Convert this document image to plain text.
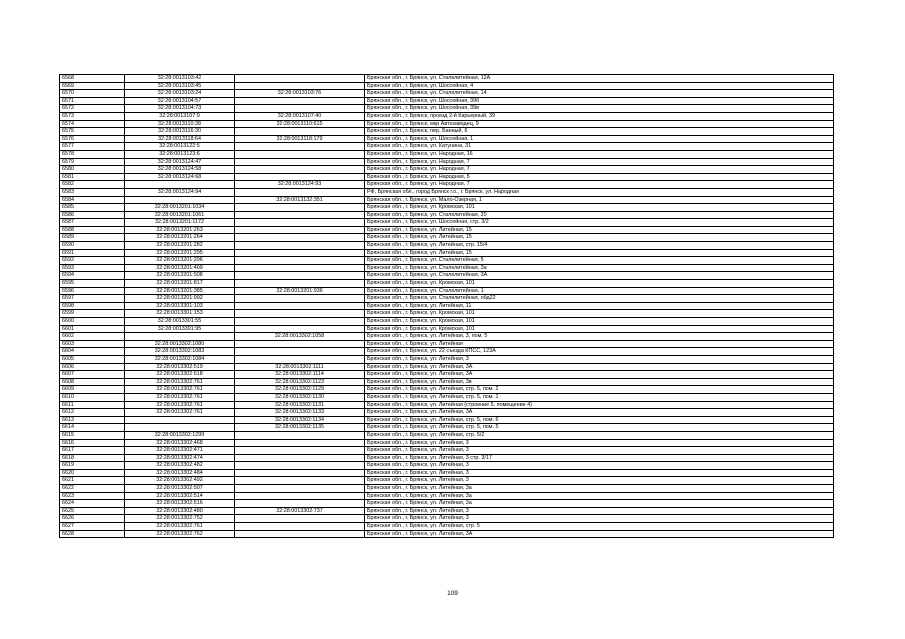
6568	32:28:0013103:42		Брянская обл., г. Брянск, ул. Сталелитейная, 12А
6569	32:28:0013103:45		Брянская обл., г. Брянск, ул. Шоссейная, 4
6570	32:28:0013103:24	32:28:0013103:76	Брянская обл., г. Брянск, ул. Сталелитейная, 14
6571	32:28:0013104:57		Брянская обл., г. Брянск, ул. Шоссейная, 39б
6572	32:28:0013104:73		Брянская обл., г. Брянск, ул. Шоссейная, 39в
6573	32:28:0013107:9	32:28:0013107:40	Брянская обл., г. Брянск, проезд 2-й Карьерный, 39
6574	32:28:0013110:38	32:28:0013110:615	Брянская обл., г. Брянск, мкр Автозаводец, 9
6575	32:28:0013116:30		Брянская обл., г. Брянск, пер. Банный, 6
6576	32:28:0013118:64	32:28:0013118:179	Брянская обл., г. Брянск, ул. Шоссейная, 1
6577	32:28:0013122:5		Брянская обл., г. Брянск, ул. Катунина, 31
6578	32:28:0013123:6		Брянская обл., г. Брянск, ул. Народная, 16
6579	32:28:0013124:47		Брянская обл., г. Брянск, ул. Народная, 7
6580	32:28:0013124:58		Брянская обл., г. Брянск, ул. Народная, 7
6581	32:28:0013124:68		Брянская обл., г. Брянск, ул. Народная, 5
6582		32:28:0013124:93	Брянская обл., г. Брянск, ул. Народная, 7
6583	32:28:0013124:94		РФ, Брянская обл., город Брянск г.о., г. Брянск, ул. Народная
6584		32:28:0013132:351	Брянская обл., г. Брянск, ул. Мало-Озерная, 1
6585	32:28:0013201:1034		Брянская обл., г. Брянск, ул. Кромская, 101
6586	32:28:0013201:1061		Брянская обл., г. Брянск, ул. Сталелитейная, 20
6587	32:28:0013201:1172		Брянская обл., г. Брянск, ул. Шоссейная, стр. 3/2
6588	32:28:0013201:263		Брянская обл., г. Брянск, ул. Литейная, 15
6589	32:28:0013201:264		Брянская обл., г. Брянск, ул. Литейная, 15
6590	32:28:0013201:282		Брянская обл., г. Брянск, ул. Литейная, стр. 15/4
6591	32:28:0013201:295		Брянская обл., г. Брянск, ул. Литейная, 15
6592	32:28:0013201:296		Брянская обл., г. Брянск, ул. Сталелитейная, 5
6593	32:28:0013201:409		Брянская обл., г. Брянск, ул. Сталелитейная, 3а
6594	32:28:0013201:508		Брянская обл., г. Брянск, ул. Сталелитейная, 3А
6595	32:28:0013201:817		Брянская обл., г. Брянск, ул. Кромская, 101
6596	32:28:0013201:385	32:28:0013201:936	Брянская обл., г. Брянск, ул. Сталелитейная, 1
6597	32:28:0013201:992		Брянская обл., г. Брянск, ул. Сталелитейная, обд22
6598	32:28:0013301:103		Брянская обл., г. Брянск, ул. Литейная, 11
6599	32:28:0013301:153		Брянская обл., г. Брянск, ул. Кромская, 101
6600	32:28:0013301:55		Брянская обл., г. Брянск, ул. Кромская, 101
6601	32:28:0013301:95		Брянская обл., г. Брянск, ул. Кромская, 101
6602		32:28:0013302:1058	Брянская обл., г. Брянск, ул. Литейная, 3, пом. 5
6603	32:28:0013302:1080		Брянская обл., г. Брянск, ул. Литейная
6604	32:28:0013302:1083		Брянская обл., г. Брянск, ул. 22 съезда КПСС, 123А
6605	32:28:0013302:1084		Брянская обл., г. Брянск, ул. Литейная, 3
6606	32:28:0013302:519	32:28:0013302:1111	Брянская обл., г. Брянск, ул. Литейная, 3А
6607	32:28:0013302:518	32:28:0013302:1114	Брянская обл., г. Брянск, ул. Литейная, 3А
6608	32:28:0013302:761	32:28:0013302:1123	Брянская обл., г. Брянск, ул. Литейная, 3в
6609	32:28:0013302:761	32:28:0013302:1129	Брянская обл., г. Брянск, ул. Литейная, стр. 5, пом. 2
6610	32:28:0013302:761	32:28:0013302:1130	Брянская обл., г. Брянск, ул. Литейная, стр. 5, пом. 1
6611	32:28:0013302:761	32:28:0013302:1131	Брянская обл., г. Брянск, ул. Литейная (строение 5, помещение 4)
6612	32:28:0013302:761	32:28:0013302:1133	Брянская обл., г. Брянск, ул. Литейная, 3А
6613		32:28:0013302:1134	Брянская обл., г. Брянск, ул. Литейная, стр. 5, пом. 6
6614		32:28:0013302:1135	Брянская обл., г. Брянск, ул. Литейная, стр. 5, пом. 5
6615	32:28:0013302:1299		Брянская обл., г. Брянск, ул. Литейная, стр. 5/2
6616	32:28:0013302:468		Брянская обл., г. Брянск, ул. Литейная, 3
6617	32:28:0013302:471		Брянская обл., г. Брянск, ул. Литейная, 3
6618	32:28:0013302:474		Брянская обл., г. Брянск, ул. Литейная, 3 стр. 3/17
6619	32:28:0013302:482		Брянская обл., г. Брянск, ул. Литейная, 3
6620	32:28:0013302:484		Брянская обл., г. Брянск, ул. Литейная, 3
6621	32:28:0013302:492		Брянская обл., г. Брянск, ул. Литейная, 3
6622	32:28:0013302:507		Брянская обл., г. Брянск, ул. Литейная, 3а
6623	32:28:0013302:514		Брянская обл., г. Брянск, ул. Литейная, 3а
6624	32:28:0013302:516		Брянская обл., г. Брянск, ул. Литейная, 3а
6625	32:28:0013302:480	32:28:0013302:737	Брянская обл., г. Брянск, ул. Литейная, 3
6626	32:28:0013302:752		Брянская обл., г. Брянск, ул. Литейная, 3
6627	32:28:0013302:761		Брянская обл., г. Брянск, ул. Литейная, стр. 5
6628	32:28:0013302:762		Брянская обл., г. Брянск, ул. Литейная, 3А
109
